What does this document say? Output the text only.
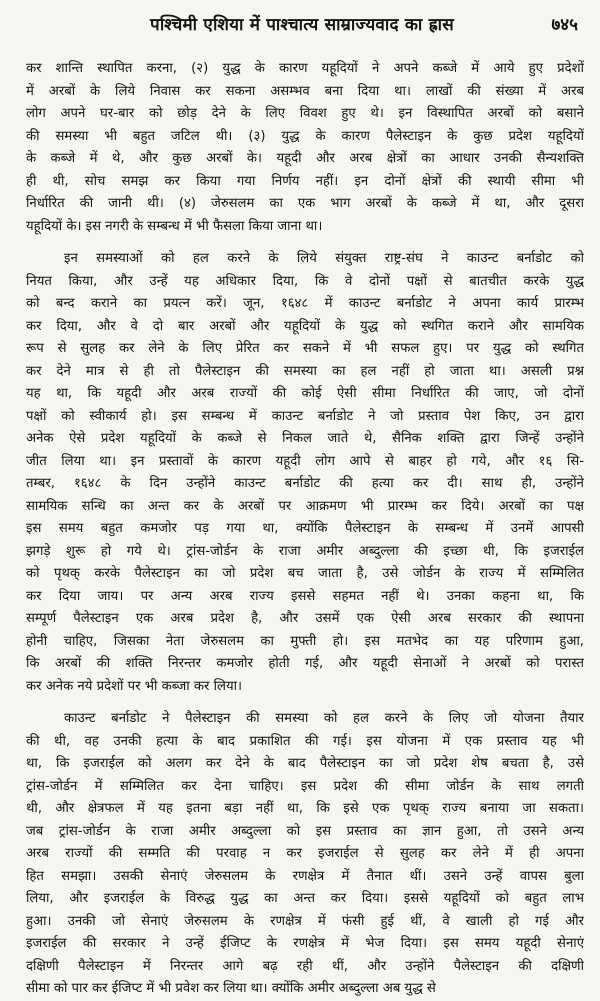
पश्चिमी एशिया में पाश्चात्य साम्राज्यवाद का ह्रास	७४५
कर शान्ति स्थापित करना, (२) युद्ध के कारण यहूदियों ने अपने कब्जे में आये हुए प्रदेशों
में अरबों के लिये निवास कर सकना असम्भव बना दिया था। लाखों की संख्या में अरब
लोग अपने घर-बार को छोड़ देने के लिए विवश हुए थे। इन विस्थापित अरबों को बसाने
की समस्या भी बहुत जटिल थी। (३) युद्ध के कारण पैलेस्टाइन के कुछ प्रदेश यहूदियों
के कब्जे में थे, और कुछ अरबों के। यहूदी और अरब क्षेत्रों का आधार उनकी सैन्यशक्ति
ही थी, सोच समझ कर किया गया निर्णय नहीं। इन दोनों क्षेत्रों की स्थायी सीमा भी
निर्धारित की जानी थी। (४) जेरुसलम का एक भाग अरबों के कब्जे में था, और दूसरा
यहूदियों के। इस नगरी के सम्बन्ध में भी फैसला किया जाना था।
इन समस्याओं को हल करने के लिये संयुक्त राष्ट्र-संघ ने काउन्ट बर्नाडोट को
नियत किया, और उन्हें यह अधिकार दिया, कि वे दोनों पक्षों से बातचीत करके युद्ध
को बन्द कराने का प्रयत्न करें। जून, १६४८ में काउन्ट बर्नाडोट ने अपना कार्य प्रारम्भ
कर दिया, और वे दो बार अरबों और यहूदियों के युद्ध को स्थगित कराने और सामयिक
रूप से सुलह कर लेने के लिए प्रेरित कर सकने में भी सफल हुए। पर युद्ध को स्थगित
कर देने मात्र से ही तो पैलेस्टाइन की समस्या का हल नहीं हो जाता था। असली प्रश्न
यह था, कि यहूदी और अरब राज्यों की कोई ऐसी सीमा निर्धारित की जाए, जो दोनों
पक्षों को स्वीकार्य हो। इस सम्बन्ध में काउन्ट बर्नाडोट ने जो प्रस्ताव पेश किए, उन द्वारा
अनेक ऐसे प्रदेश यहूदियों के कब्जे से निकल जाते थे, सैनिक शक्ति द्वारा जिन्हें उन्होंने
जीत लिया था। इन प्रस्तावों के कारण यहूदी लोग आपे से बाहर हो गये, और १६ सि-
तम्बर, १६४८ के दिन उन्होंने काउन्ट बर्नाडोट की हत्या कर दी। साथ ही, उन्होंने
सामयिक सन्धि का अन्त कर के अरबों पर आक्रमण भी प्रारम्भ कर दिये। अरबों का पक्ष
इस समय बहुत कमजोर पड़ गया था, क्योंकि पैलेस्टाइन के सम्बन्ध में उनमें आपसी
झगड़े शुरू हो गये थे। ट्रांस-जोर्डन के राजा अमीर अब्दुल्ला की इच्छा थी, कि इजराईल
को पृथक् करके पैलेस्टाइन का जो प्रदेश बच जाता है, उसे जोर्डन के राज्य में सम्मिलित
कर दिया जाय। पर अन्य अरब राज्य इससे सहमत नहीं थे। उनका कहना था, कि
सम्पूर्ण पैलेस्टाइन एक अरब प्रदेश है, और उसमें एक ऐसी अरब सरकार की स्थापना
होनी चाहिए, जिसका नेता जेरुसलम का मुफ्ती हो। इस मतभेद का यह परिणाम हुआ,
कि अरबों की शक्ति निरन्तर कमजोर होती गई, और यहूदी सेनाओं ने अरबों को परास्त
कर अनेक नये प्रदेशों पर भी कब्जा कर लिया।
काउन्ट बर्नाडोट ने पैलेस्टाइन की समस्या को हल करने के लिए जो योजना तैयार
की थी, वह उनकी हत्या के बाद प्रकाशित की गई। इस योजना में एक प्रस्ताव यह भी
था, कि इजराईल को अलग कर देने के बाद पैलेस्टाइन का जो प्रदेश शेष बचता है, उसे
ट्रांस-जोर्डन में सम्मिलित कर देना चाहिए। इस प्रदेश की सीमा जोर्डन के साथ लगती
थी, और क्षेत्रफल में यह इतना बड़ा नहीं था, कि इसे एक पृथक् राज्य बनाया जा सकता।
जब ट्रांस-जोर्डन के राजा अमीर अब्दुल्ला को इस प्रस्ताव का ज्ञान हुआ, तो उसने अन्य
अरब राज्यों की सम्मति की परवाह न कर इजराईल से सुलह कर लेने में ही अपना
हित समझा। उसकी सेनाएं जेरुसलम के रणक्षेत्र में तैनात थीं। उसने उन्हें वापस बुला
लिया, और इजराईल के विरुद्ध युद्ध का अन्त कर दिया। इससे यहूदियों को बहुत लाभ
हुआ। उनकी जो सेनाएं जेरुसलम के रणक्षेत्र में फंसी हुई थीं, वे खाली हो गई और
इजराईल की सरकार ने उन्हें ईजिप्ट के रणक्षेत्र में भेज दिया। इस समय यहूदी सेनाएं
दक्षिणी पैलेस्टाइन में निरन्तर आगे बढ़ रही थीं, और उन्होंने पैलेस्टाइन की दक्षिणी
सीमा को पार कर ईजिप्ट में भी प्रवेश कर लिया था। क्योंकि अमीर अब्दुल्ला अब युद्ध से
